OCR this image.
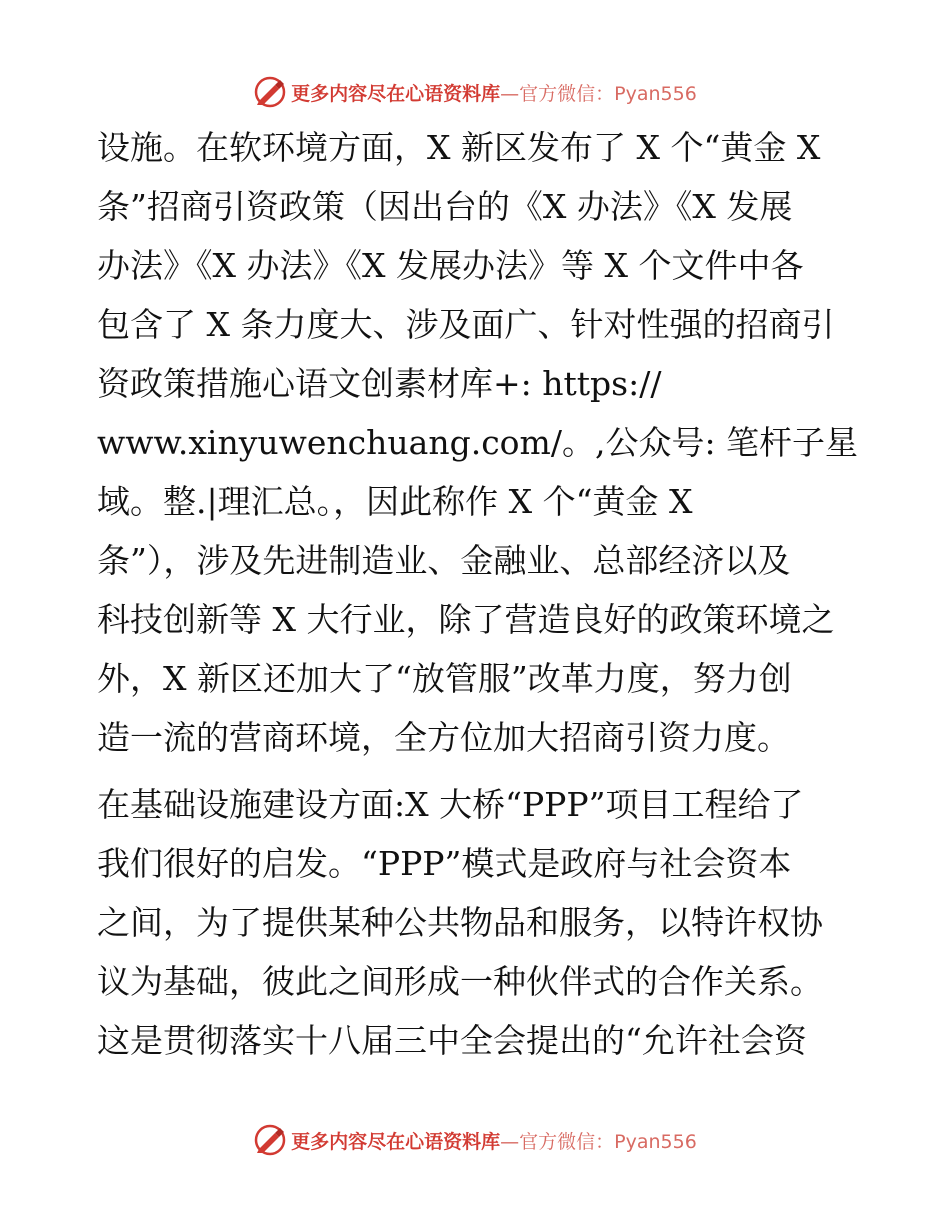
更多内容尽在心语资料库 —官方微信：Pyan556
设施。在软环境方面，X 新区发布了 X 个“黄金 X
条”招商引资政策（因出台的《X 办法》《X 发展
办法》《X 办法》《X 发展办法》等 X 个文件中各
包含了 X 条力度大、涉及面广、针对性强的招商引
资政策措施心语文创素材库+: https://
www.xinyuwenchuang.com/。,公众号: 笔杆子星
域。整.|理汇总。，因此称作 X 个“黄金 X
条”），涉及先进制造业、金融业、总部经济以及
科技创新等 X 大行业，除了营造良好的政策环境之
外，X 新区还加大了“放管服”改革力度，努力创
造一流的营商环境，全方位加大招商引资力度。
在基础设施建设方面:X 大桥“PPP”项目工程给了
我们很好的启发。“PPP”模式是政府与社会资本
之间，为了提供某种公共物品和服务，以特许权协
议为基础，彼此之间形成一种伙伴式的合作关系。
这是贯彻落实十八届三中全会提出的“允许社会资
更多内容尽在心语资料库 —官方微信：Pyan556
